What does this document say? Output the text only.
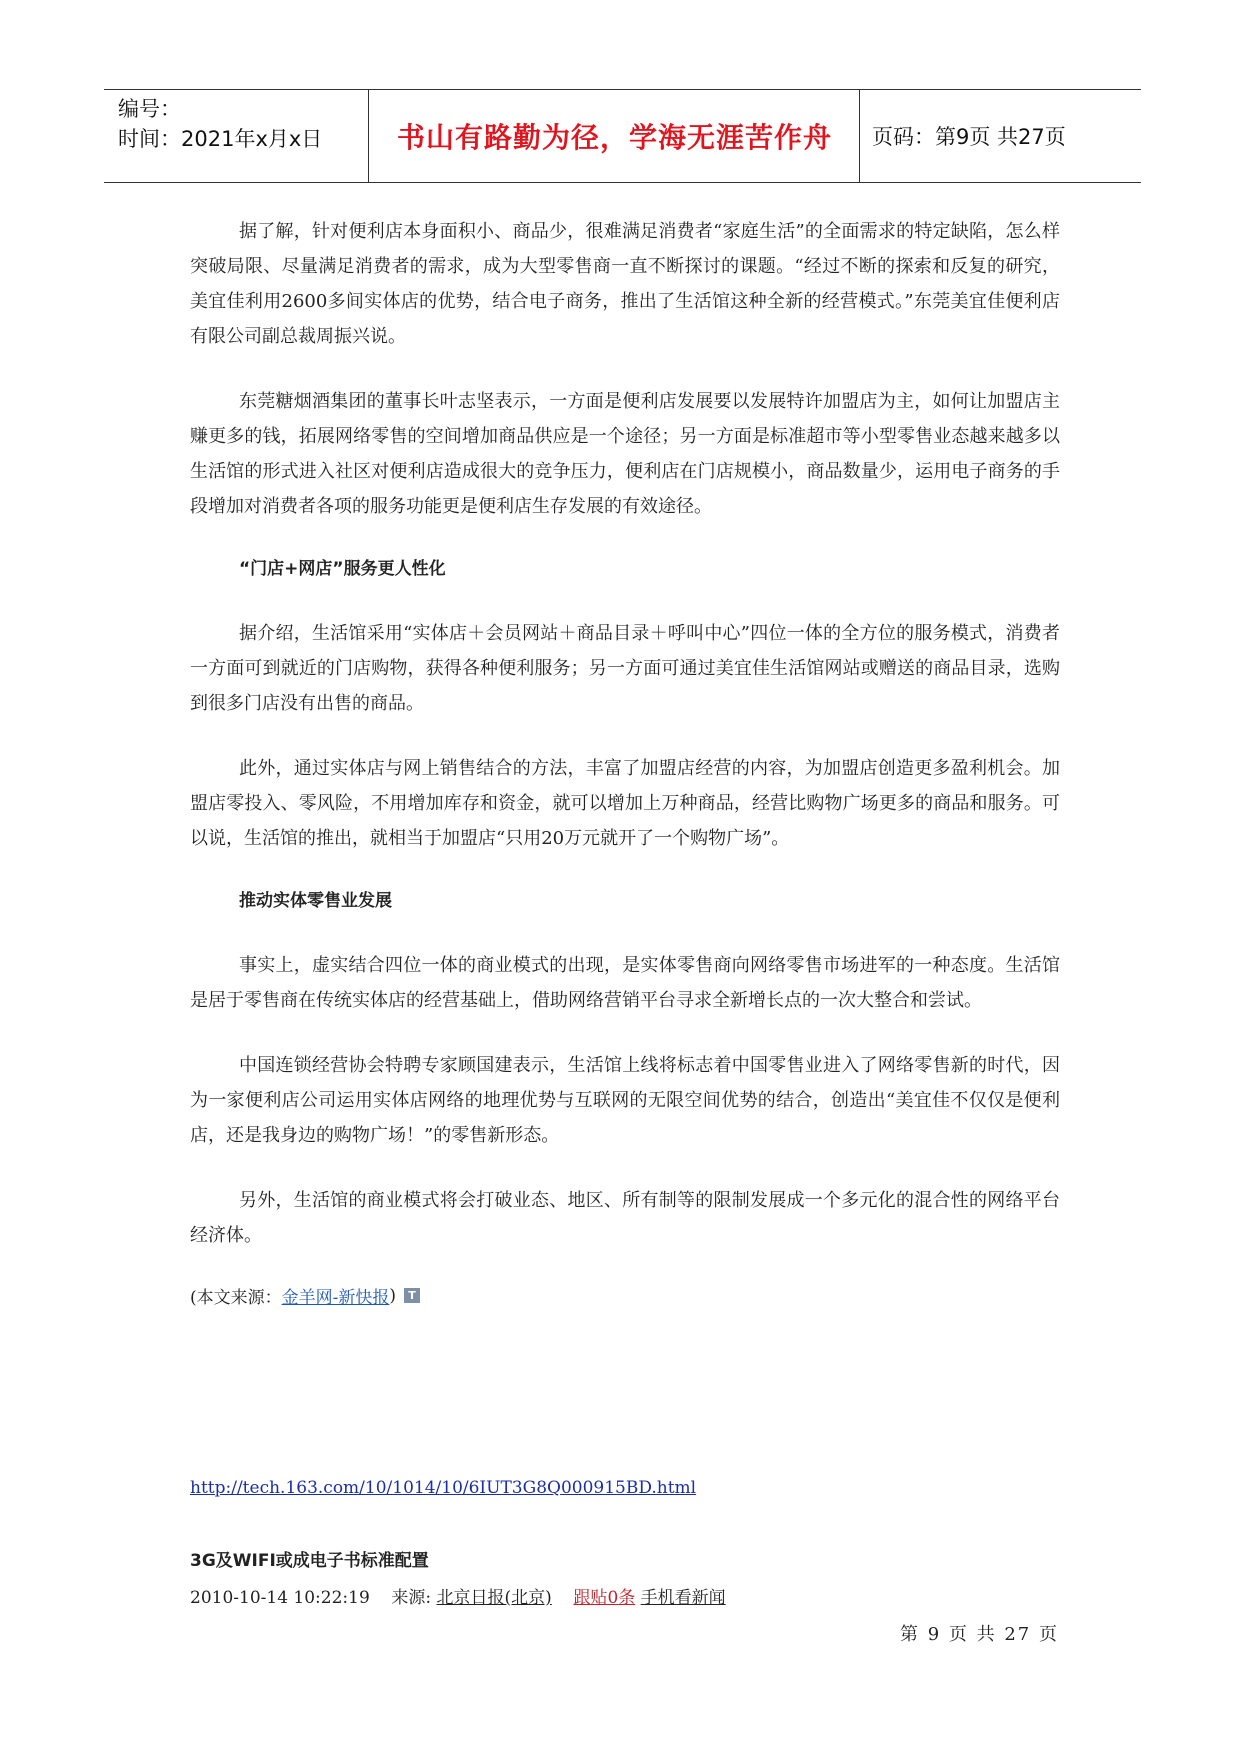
编号：
时间：2021年x月x日	书山有路勤为径，学海无涯苦作舟	页码：第9页 共27页

据了解，针对便利店本身面积小、商品少，很难满足消费者“家庭生活”的全面需求的特定缺陷，怎么样突破局限、尽量满足消费者的需求，成为大型零售商一直不断探讨的课题。“经过不断的探索和反复的研究，美宜佳利用2600多间实体店的优势，结合电子商务，推出了生活馆这种全新的经营模式。”东莞美宜佳便利店有限公司副总裁周振兴说。

东莞糖烟酒集团的董事长叶志坚表示，一方面是便利店发展要以发展特许加盟店为主，如何让加盟店主赚更多的钱，拓展网络零售的空间增加商品供应是一个途径；另一方面是标准超市等小型零售业态越来越多以生活馆的形式进入社区对便利店造成很大的竞争压力，便利店在门店规模小，商品数量少，运用电子商务的手段增加对消费者各项的服务功能更是便利店生存发展的有效途径。

“门店+网店”服务更人性化

据介绍，生活馆采用“实体店＋会员网站＋商品目录＋呼叫中心”四位一体的全方位的服务模式，消费者一方面可到就近的门店购物，获得各种便利服务；另一方面可通过美宜佳生活馆网站或赠送的商品目录，选购到很多门店没有出售的商品。

此外，通过实体店与网上销售结合的方法，丰富了加盟店经营的内容，为加盟店创造更多盈利机会。加盟店零投入、零风险，不用增加库存和资金，就可以增加上万种商品，经营比购物广场更多的商品和服务。可以说，生活馆的推出，就相当于加盟店“只用20万元就开了一个购物广场”。

推动实体零售业发展

事实上，虚实结合四位一体的商业模式的出现，是实体零售商向网络零售市场进军的一种态度。生活馆是居于零售商在传统实体店的经营基础上，借助网络营销平台寻求全新增长点的一次大整合和尝试。

中国连锁经营协会特聘专家顾国建表示，生活馆上线将标志着中国零售业进入了网络零售新的时代，因为一家便利店公司运用实体店网络的地理优势与互联网的无限空间优势的结合，创造出“美宜佳不仅仅是便利店，还是我身边的购物广场！”的零售新形态。

另外，生活馆的商业模式将会打破业态、地区、所有制等的限制发展成一个多元化的混合性的网络平台经济体。

(本文来源： 金羊网-新快报 )	T
http://tech.163.com/10/1014/10/6IUT3G8Q000915BD.html
3G及WIFI或成电子书标准配置
2010-10-14 10:22:19 来源: 北京日报(北京) 跟贴0条 手机看新闻
第 9 页 共 27 页
